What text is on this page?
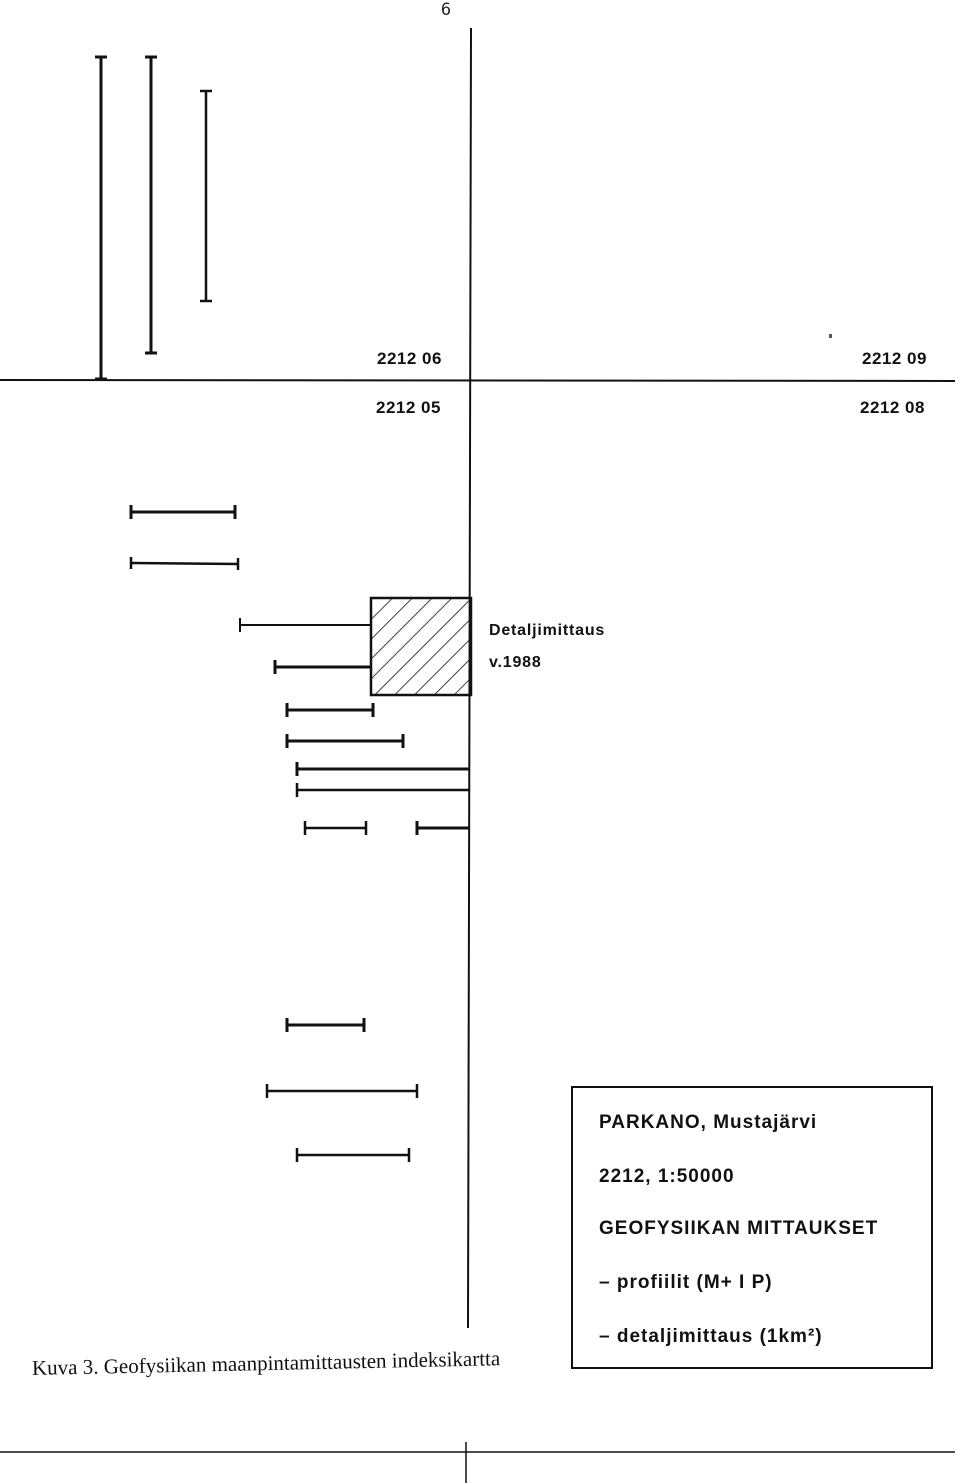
6
2212 06	2212 09
2212 05	2212 08
Detaljimittaus
v.1988
PARKANO, Mustajärvi
2212, 1:50000
GEOFYSIIKAN MITTAUKSET
– profiilit (M+ I P)
– detaljimittaus (1km²)
Kuva 3. Geofysiikan maanpintamittausten indeksikartta
